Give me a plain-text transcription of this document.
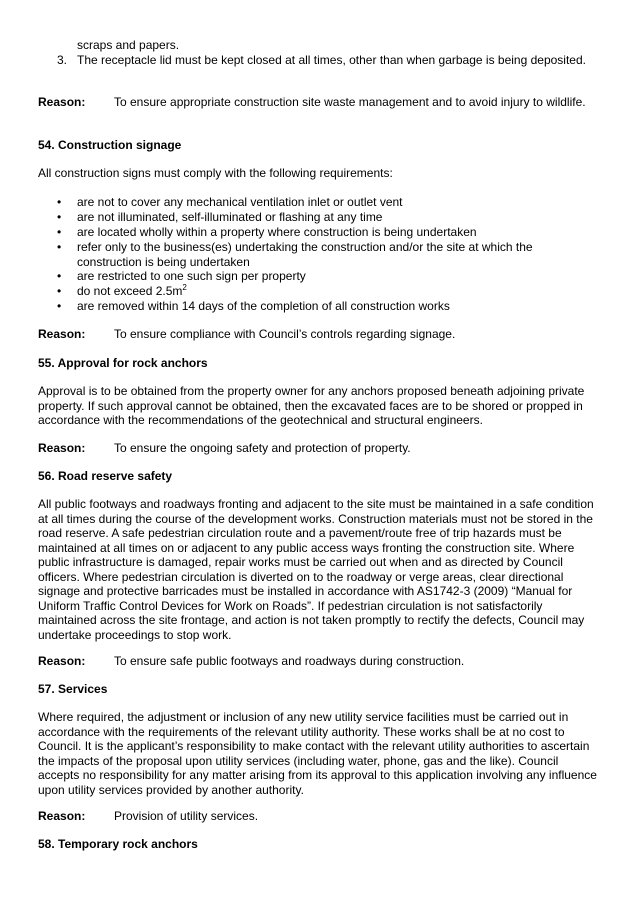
scraps and papers.

3. The receptacle lid must be kept closed at all times, other than when garbage is being deposited.

Reason: To ensure appropriate construction site waste management and to avoid injury to wildlife.

54. Construction signage

All construction signs must comply with the following requirements:

• are not to cover any mechanical ventilation inlet or outlet vent

• are not illuminated, self-illuminated or flashing at any time

• are located wholly within a property where construction is being undertaken

• refer only to the business(es) undertaking the construction and/or the site at which the construction is being undertaken

• are restricted to one such sign per property

• do not exceed $2.5m^2$

• are removed within 14 days of the completion of all construction works

Reason: To ensure compliance with Council’s controls regarding signage.

55. Approval for rock anchors

Approval is to be obtained from the property owner for any anchors proposed beneath adjoining private property. If such approval cannot be obtained, then the excavated faces are to be shored or propped in accordance with the recommendations of the geotechnical and structural engineers.

Reason: To ensure the ongoing safety and protection of property.

56. Road reserve safety

All public footways and roadways fronting and adjacent to the site must be maintained in a safe condition at all times during the course of the development works. Construction materials must not be stored in the road reserve. A safe pedestrian circulation route and a pavement/route free of trip hazards must be maintained at all times on or adjacent to any public access ways fronting the construction site. Where public infrastructure is damaged, repair works must be carried out when and as directed by Council officers. Where pedestrian circulation is diverted on to the roadway or verge areas, clear directional signage and protective barricades must be installed in accordance with AS1742-3 (2009) “Manual for Uniform Traffic Control Devices for Work on Roads”. If pedestrian circulation is not satisfactorily maintained across the site frontage, and action is not taken promptly to rectify the defects, Council may undertake proceedings to stop work.

Reason: To ensure safe public footways and roadways during construction.

57. Services

Where required, the adjustment or inclusion of any new utility service facilities must be carried out in accordance with the requirements of the relevant utility authority. These works shall be at no cost to Council. It is the applicant’s responsibility to make contact with the relevant utility authorities to ascertain the impacts of the proposal upon utility services (including water, phone, gas and the like). Council accepts no responsibility for any matter arising from its approval to this application involving any influence upon utility services provided by another authority.

Reason: Provision of utility services.

58. Temporary rock anchors
